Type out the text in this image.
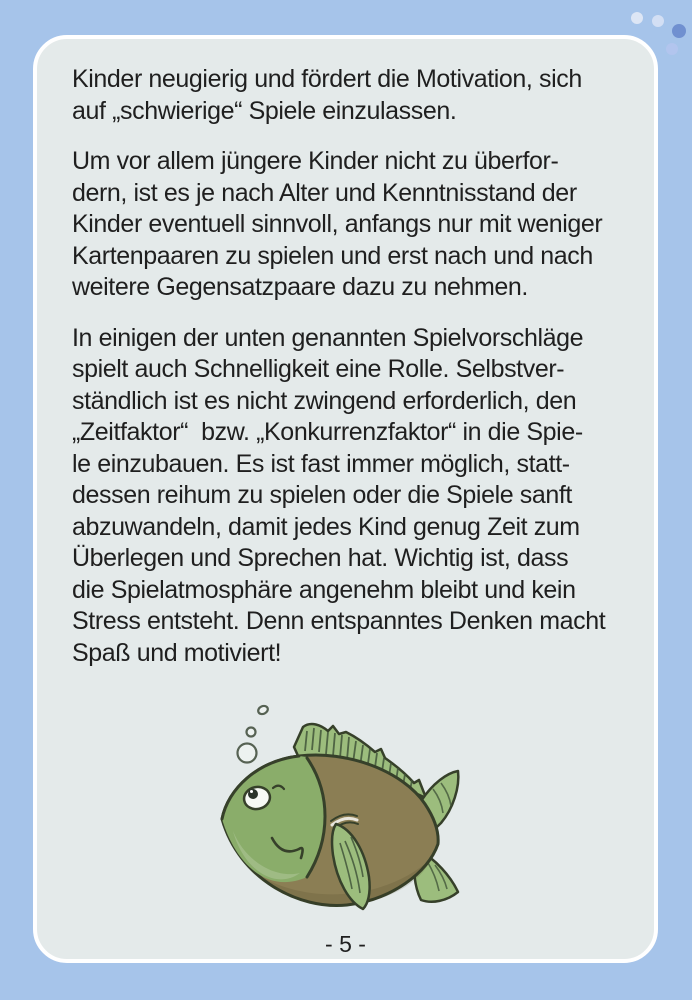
Kinder neugierig und fördert die Motivation, sich
auf „schwierige“ Spiele einzulassen.

Um vor allem jüngere Kinder nicht zu überfor-
dern, ist es je nach Alter und Kenntnisstand der
Kinder eventuell sinnvoll, anfangs nur mit weniger
Kartenpaaren zu spielen und erst nach und nach
weitere Gegensatzpaare dazu zu nehmen.

In einigen der unten genannten Spielvorschläge
spielt auch Schnelligkeit eine Rolle. Selbstver-
ständlich ist es nicht zwingend erforderlich, den
„Zeitfaktor“  bzw. „Konkurrenzfaktor“ in die Spie-
le einzubauen. Es ist fast immer möglich, statt-
dessen reihum zu spielen oder die Spiele sanft
abzuwandeln, damit jedes Kind genug Zeit zum
Überlegen und Sprechen hat. Wichtig ist, dass
die Spielatmosphäre angenehm bleibt und kein
Stress entsteht. Denn entspanntes Denken macht
Spaß und motiviert!

- 5 -
